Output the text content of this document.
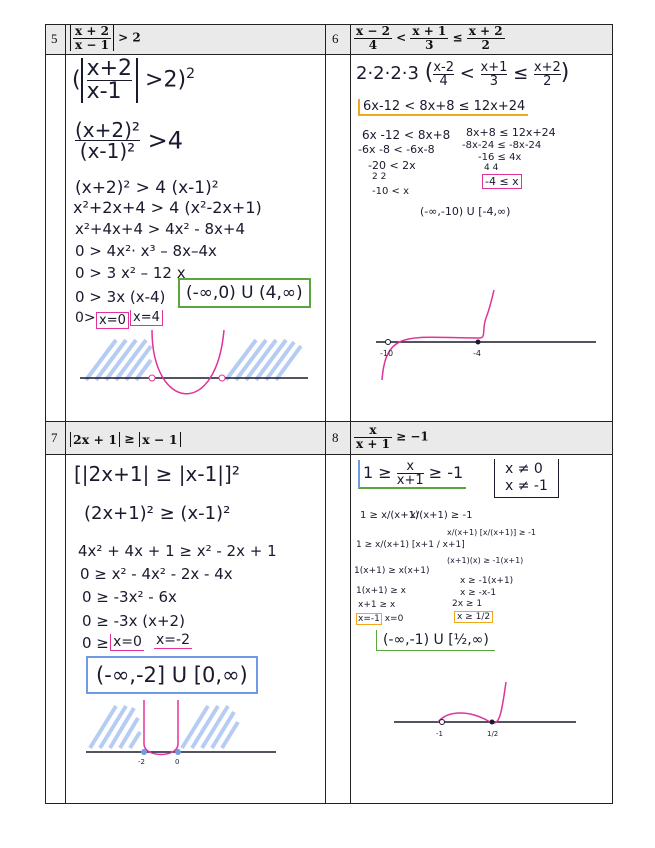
5	6
7	8
$\frac{x + 2}{x - 1} > 2$	$\frac{x - 2}{4} < \frac{x + 1}{3} \le \frac{x + 2}{2}$
2x + 1 ≥ x − 1	$\frac{x}{x + 1} \ge -1$
( $\frac{x+2}{x-1} >2)^2$
$\frac{\text{(x+2)²}}{\text{(x-1)²}} >4$
(x+2)² > 4 (x-1)²
x²+2x+4 > 4 (x²-2x+1)
x²+4x+4 > 4x² - 8x+4
0 > 4x²· x³ – 8x–4x
0 > 3 x² – 12 x
0 > 3x (x-4)
0> x=0 x=4
(-∞,0) U (4,∞)
2·2·2·3 ( $\frac{x-2}{4} < \frac{x+1}{3} \le \frac{x+2}{2}$ )
6x-12 < 8x+8 ≤ 12x+24
6x -12 < 8x+8
-6x -8 < -6x-8
-20 < 2x
2 2
-10 < x
8x+8 ≤ 12x+24
-8x-24 ≤ -8x-24
-16 ≤ 4x
4 4
-4 ≤ x
(-∞,-10) U [-4,∞)
-10	-4
[|2x+1| ≥ |x-1|]²
(2x+1)² ≥ (x-1)²
4x² + 4x + 1 ≥ x² - 2x + 1
0 ≥ x² - 4x² - 2x - 4x
0 ≥ -3x² - 6x
0 ≥ -3x (x+2)
0 ≥ x=0 x=-2
(-∞,-2] U [0,∞)
-2	0
$1 \ge \frac{x}{x+1} \ge -1$	x ≠ 0
x ≠ -1
1 ≥ x/(x+1)
x/(x+1) ≥ -1
1 ≥ x/(x+1) [x+1 / x+1]
1(x+1) ≥ x(x+1)
1(x+1) ≥ x
x+1 ≥ x
x=-1 x=0
x/(x+1) [x/(x+1)] ≥ -1
(x+1)(x) ≥ -1(x+1)
x ≥ -1(x+1)
x ≥ -x-1
2x ≥ 1
x ≥ 1/2
(-∞,-1) U [½,∞)
-1	1/2
